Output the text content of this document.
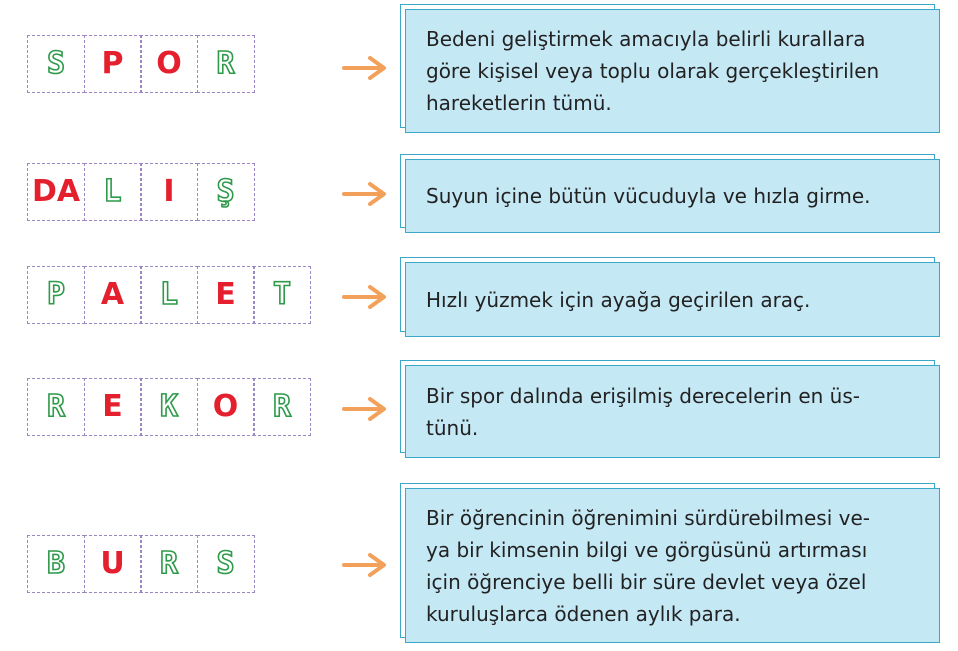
S	P	O	R
Bedeni geliştirmek amacıyla belirli kurallara
göre kişisel veya toplu olarak gerçekleştirilen
hareketlerin tümü.
DA L	I	Ş	Suyun içine bütün vücuduyla ve hızla girme.
P	A	L	E	T	Hızlı yüzmek için ayağa geçirilen araç.
R	E	K	O	R	Bir spor dalında erişilmiş derecelerin en üs-
tünü.
B	U	R	S
Bir öğrencinin öğrenimini sürdürebilmesi ve-
ya bir kimsenin bilgi ve görgüsünü artırması
için öğrenciye belli bir süre devlet veya özel
kuruluşlarca ödenen aylık para.
